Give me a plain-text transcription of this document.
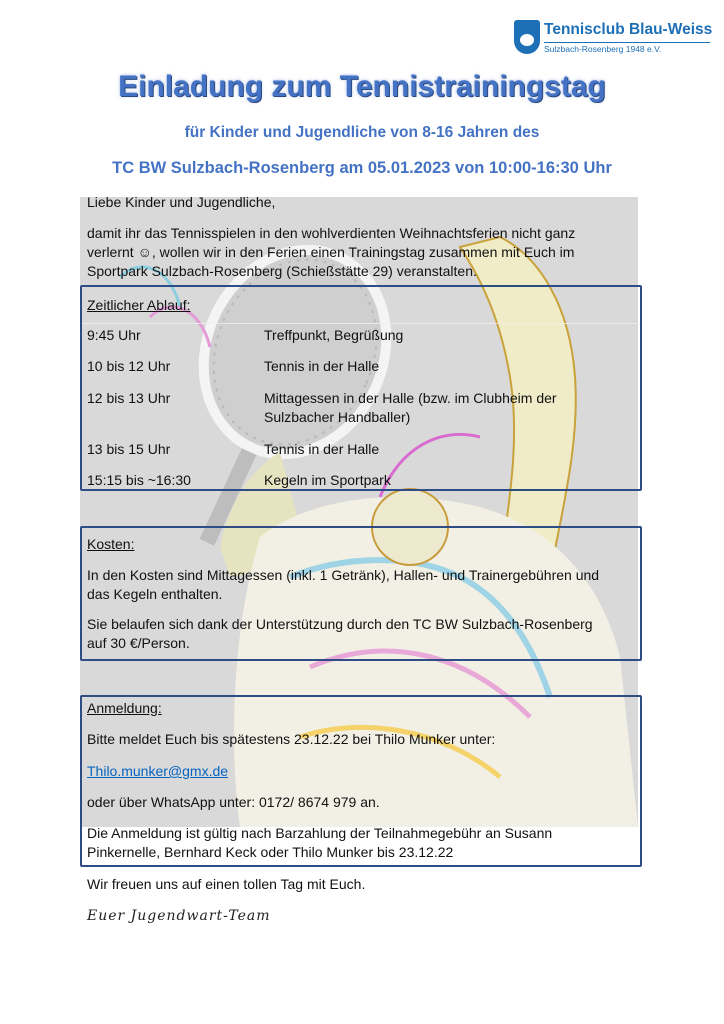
Tennisclub Blau-Weiss
Sulzbach-Rosenberg 1948 e.V.
Einladung zum Tennistrainingstag
für Kinder und Jugendliche von 8-16 Jahren des
TC BW Sulzbach-Rosenberg am 05.01.2023 von 10:00-16:30 Uhr
Liebe Kinder und Jugendliche,
damit ihr das Tennisspielen in den wohlverdienten Weihnachtsferien nicht ganz
verlernt ☺, wollen wir in den Ferien einen Trainingstag zusammen mit Euch im
Sportpark Sulzbach-Rosenberg (Schießstätte 29) veranstalten.
Zeitlicher Ablauf:
9:45 Uhr	Treffpunkt, Begrüßung
10 bis 12 Uhr	Tennis in der Halle
12 bis 13 Uhr	Mittagessen in der Halle (bzw. im Clubheim der
Sulzbacher Handballer)
13 bis 15 Uhr	Tennis in der Halle
15:15 bis ~16:30	Kegeln im Sportpark
Kosten:
In den Kosten sind Mittagessen (inkl. 1 Getränk), Hallen- und Trainergebühren und
das Kegeln enthalten.
Sie belaufen sich dank der Unterstützung durch den TC BW Sulzbach-Rosenberg
auf 30 €/Person.
Anmeldung:
Bitte meldet Euch bis spätestens 23.12.22 bei Thilo Munker unter:
Thilo.munker@gmx.de
oder über WhatsApp unter: 0172/ 8674 979 an.
Die Anmeldung ist gültig nach Barzahlung der Teilnahmegebühr an Susann
Pinkernelle, Bernhard Keck oder Thilo Munker bis 23.12.22
Wir freuen uns auf einen tollen Tag mit Euch.
Euer Jugendwart-Team
